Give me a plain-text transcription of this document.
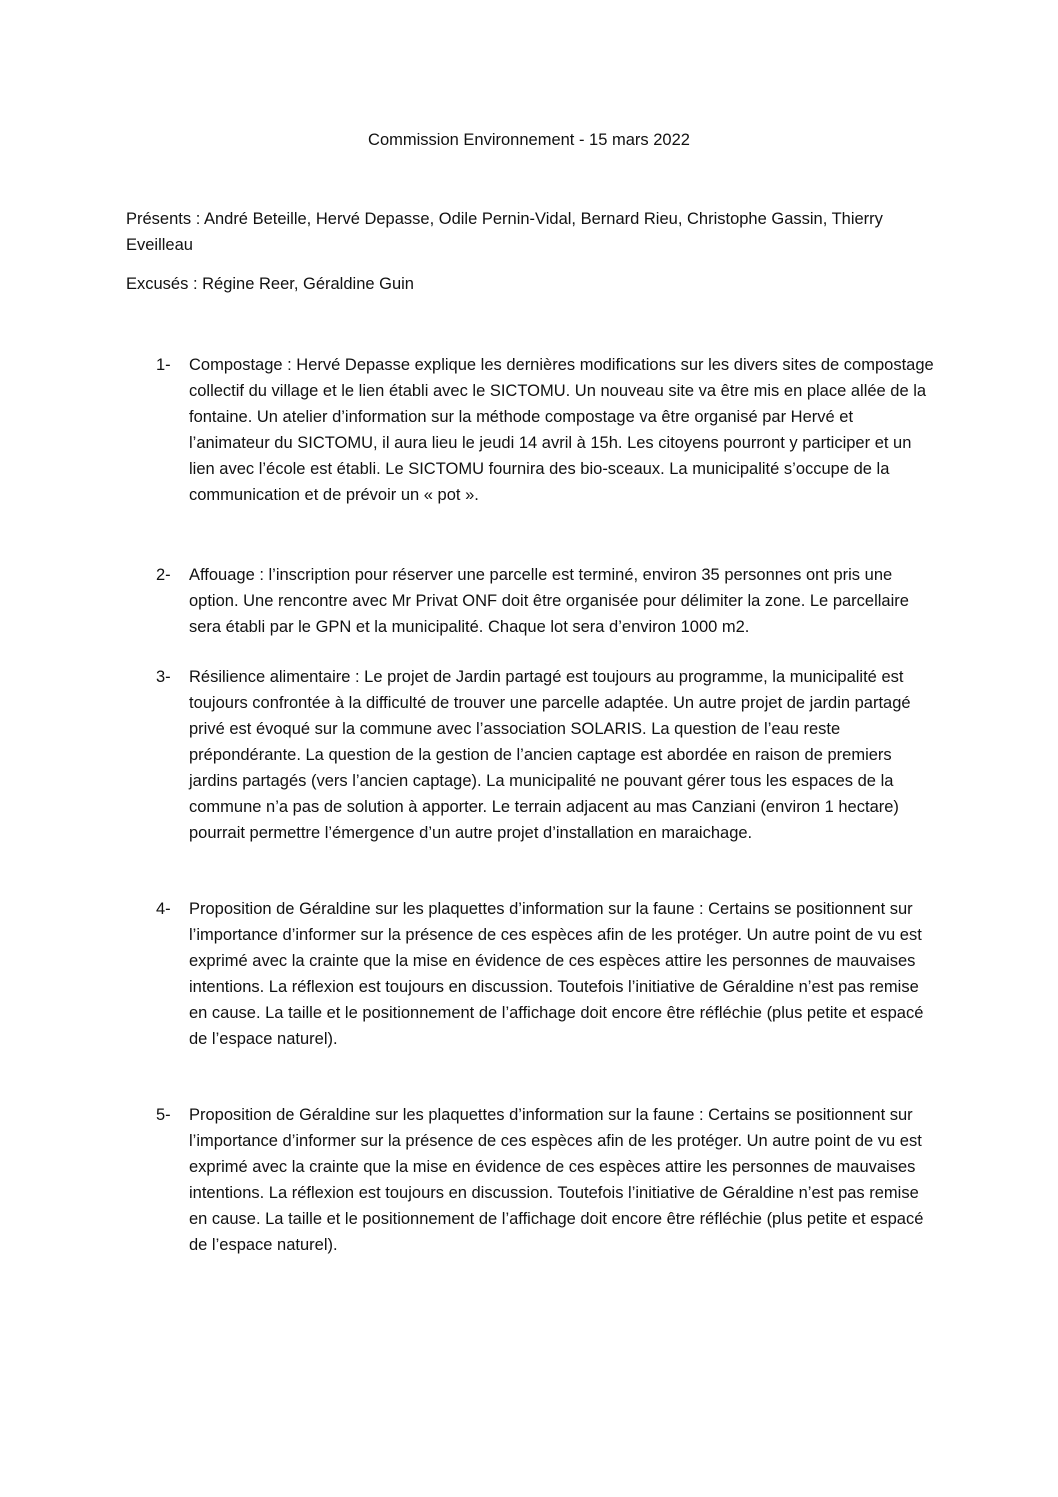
Commission Environnement - 15 mars 2022

Présents : André Beteille, Hervé Depasse, Odile Pernin-Vidal, Bernard Rieu, Christophe Gassin, Thierry Eveilleau

Excusés : Régine Reer, Géraldine Guin

1-	Compostage : Hervé Depasse explique les dernières modifications sur les divers sites de compostage collectif du village et le lien établi avec le SICTOMU. Un nouveau site va être mis en place allée de la fontaine. Un atelier d’information sur la méthode compostage va être organisé par Hervé et l’animateur du SICTOMU, il aura lieu le jeudi 14 avril à 15h. Les citoyens pourront y participer et un lien avec l’école est établi. Le SICTOMU fournira des bio-sceaux. La municipalité s’occupe de la communication et de prévoir un « pot ».

2-	Affouage : l’inscription pour réserver une parcelle est terminé, environ 35 personnes ont pris une option. Une rencontre avec Mr Privat ONF doit être organisée pour délimiter la zone. Le parcellaire sera établi par le GPN et la municipalité. Chaque lot sera d’environ 1000 m2.

3-	Résilience alimentaire : Le projet de Jardin partagé est toujours au programme, la municipalité est toujours confrontée à la difficulté de trouver une parcelle adaptée. Un autre projet de jardin partagé privé est évoqué sur la commune avec l’association SOLARIS. La question de l’eau reste prépondérante. La question de la gestion de l’ancien captage est abordée en raison de premiers jardins partagés (vers l’ancien captage). La municipalité ne pouvant gérer tous les espaces de la commune n’a pas de solution à apporter. Le terrain adjacent au mas Canziani (environ 1 hectare) pourrait permettre l’émergence d’un autre projet d’installation en maraichage.

4-	Proposition de Géraldine sur les plaquettes d’information sur la faune : Certains se positionnent sur l’importance d’informer sur la présence de ces espèces afin de les protéger. Un autre point de vu est exprimé avec la crainte que la mise en évidence de ces espèces attire les personnes de mauvaises intentions. La réflexion est toujours en discussion. Toutefois l’initiative de Géraldine n’est pas remise en cause. La taille et le positionnement de l’affichage doit encore être réfléchie (plus petite et espacé de l’espace naturel).

5-	Proposition de Géraldine sur les plaquettes d’information sur la faune : Certains se positionnent sur l’importance d’informer sur la présence de ces espèces afin de les protéger. Un autre point de vu est exprimé avec la crainte que la mise en évidence de ces espèces attire les personnes de mauvaises intentions. La réflexion est toujours en discussion. Toutefois l’initiative de Géraldine n’est pas remise en cause. La taille et le positionnement de l’affichage doit encore être réfléchie (plus petite et espacé de l’espace naturel).
